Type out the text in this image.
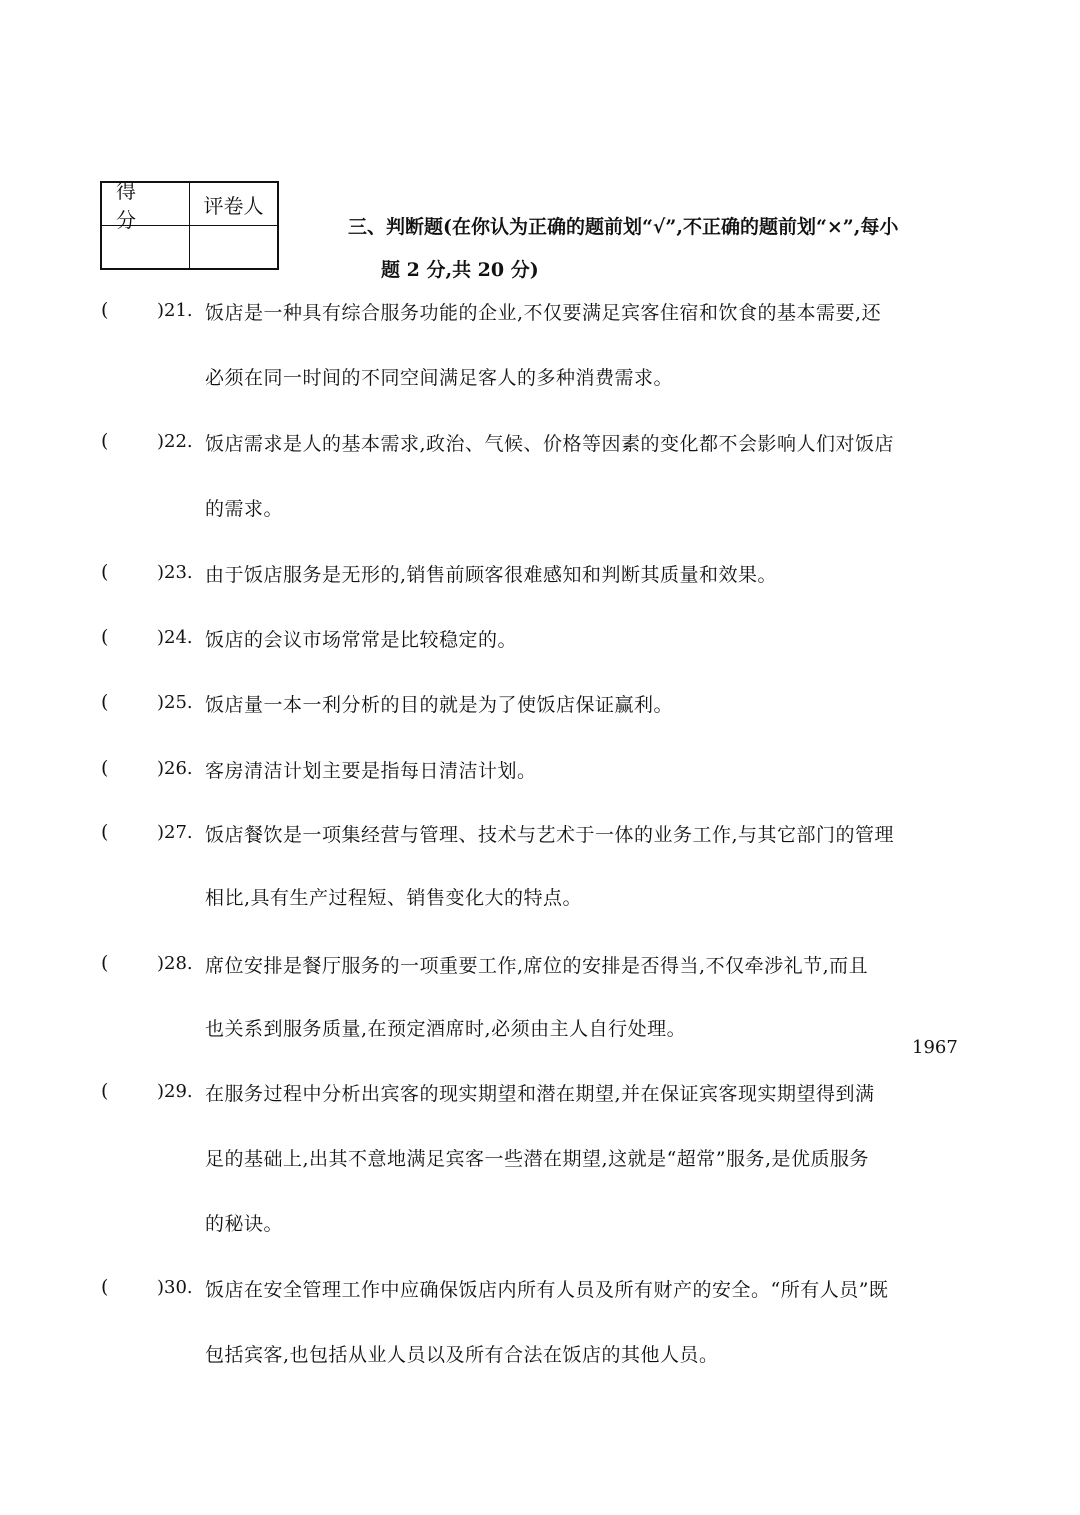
得 分
评卷人
三、判断题(在你认为正确的题前划“√”,不正确的题前划“×”,每小
题 2 分,共 20 分)
(	)21. 饭店是一种具有综合服务功能的企业,不仅要满足宾客住宿和饮食的基本需要,还
必须在同一时间的不同空间满足客人的多种消费需求。
(	)22. 饭店需求是人的基本需求,政治、气候、价格等因素的变化都不会影响人们对饭店
的需求。
(	)23. 由于饭店服务是无形的,销售前顾客很难感知和判断其质量和效果。
(	)24. 饭店的会议市场常常是比较稳定的。
(	)25. 饭店量一本一利分析的目的就是为了使饭店保证赢利。
(	)26. 客房清洁计划主要是指每日清洁计划。
(	)27. 饭店餐饮是一项集经营与管理、技术与艺术于一体的业务工作,与其它部门的管理
相比,具有生产过程短、销售变化大的特点。
(	)28. 席位安排是餐厅服务的一项重要工作,席位的安排是否得当,不仅牵涉礼节,而且
也关系到服务质量,在预定酒席时,必须由主人自行处理。
(	)29. 在服务过程中分析出宾客的现实期望和潜在期望,并在保证宾客现实期望得到满
足的基础上,出其不意地满足宾客一些潜在期望,这就是“超常”服务,是优质服务
的秘诀。
(	)30. 饭店在安全管理工作中应确保饭店内所有人员及所有财产的安全。“所有人员”既
包括宾客,也包括从业人员以及所有合法在饭店的其他人员。
1967
